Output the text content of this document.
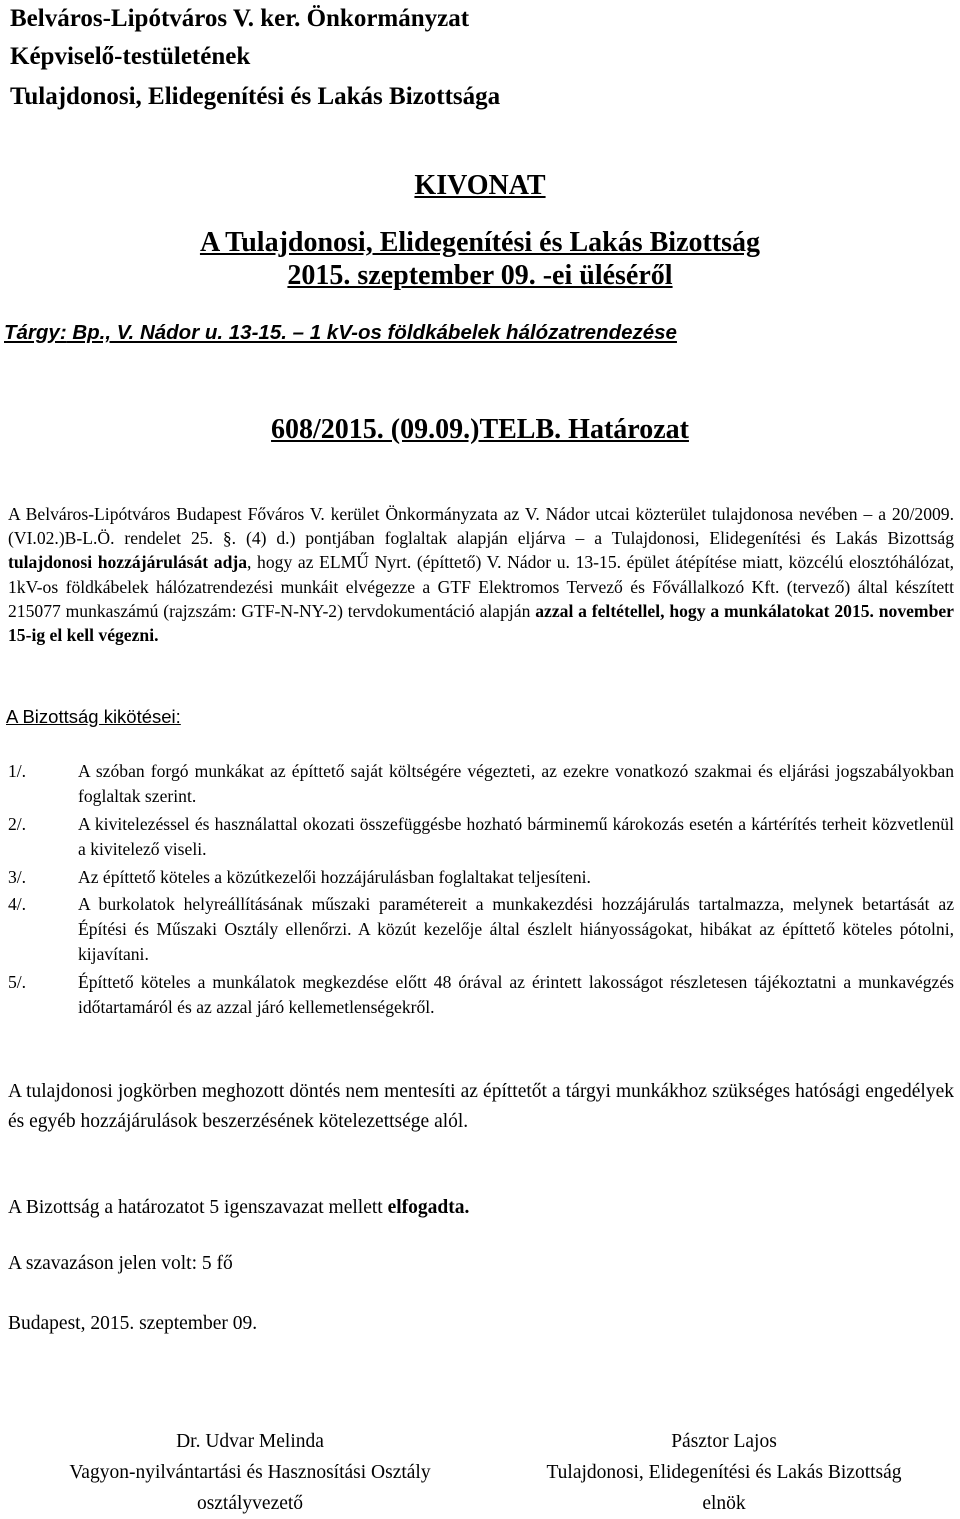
Belváros-Lipótváros V. ker. Önkormányzat
Képviselő-testületének
Tulajdonosi, Elidegenítési és Lakás Bizottsága
KIVONAT
A Tulajdonosi, Elidegenítési és Lakás Bizottság
2015. szeptember 09. -ei üléséről
Tárgy: Bp., V. Nádor u. 13-15. – 1 kV-os földkábelek hálózatrendezése
608/2015. (09.09.)TELB. Határozat
A Belváros-Lipótváros Budapest Főváros V. kerület Önkormányzata az V. Nádor utcai közterület tulajdonosa nevében – a 20/2009.(VI.02.)B-L.Ö. rendelet 25. §. (4) d.) pontjában foglaltak alapján eljárva – a Tulajdonosi, Elidegenítési és Lakás Bizottság tulajdonosi hozzájárulását adja, hogy az ELMŰ Nyrt. (építtető) V. Nádor u. 13-15. épület átépítése miatt, közcélú elosztóhálózat, 1kV-os földkábelek hálózatrendezési munkáit elvégezze a GTF Elektromos Tervező és Fővállalkozó Kft. (tervező) által készített 215077 munkaszámú (rajzszám: GTF-N-NY-2) tervdokumentáció alapján azzal a feltétellel, hogy a munkálatokat 2015. november 15-ig el kell végezni.
A Bizottság kikötései:
1/.	A szóban forgó munkákat az építtető saját költségére végezteti, az ezekre vonatkozó szakmai és eljárási jogszabályokban foglaltak szerint.
2/.	A kivitelezéssel és használattal okozati összefüggésbe hozható bárminemű károkozás esetén a kártérítés terheit közvetlenül a kivitelező viseli.
3/.	Az építtető köteles a közútkezelői hozzájárulásban foglaltakat teljesíteni.
4/.	A burkolatok helyreállításának műszaki paramétereit a munkakezdési hozzájárulás tartalmazza, melynek betartását az Építési és Műszaki Osztály ellenőrzi. A közút kezelője által észlelt hiányosságokat, hibákat az építtető köteles pótolni, kijavítani.
5/.	Építtető köteles a munkálatok megkezdése előtt 48 órával az érintett lakosságot részletesen tájékoztatni a munkavégzés időtartamáról és az azzal járó kellemetlenségekről.
A tulajdonosi jogkörben meghozott döntés nem mentesíti az építtetőt a tárgyi munkákhoz szükséges hatósági engedélyek és egyéb hozzájárulások beszerzésének kötelezettsége alól.
A Bizottság a határozatot 5 igenszavazat mellett elfogadta.
A szavazáson jelen volt: 5 fő
Budapest, 2015. szeptember 09.
Dr. Udvar Melinda
Vagyon-nyilvántartási és Hasznosítási Osztály
osztályvezető
Pásztor Lajos
Tulajdonosi, Elidegenítési és Lakás Bizottság
elnök
